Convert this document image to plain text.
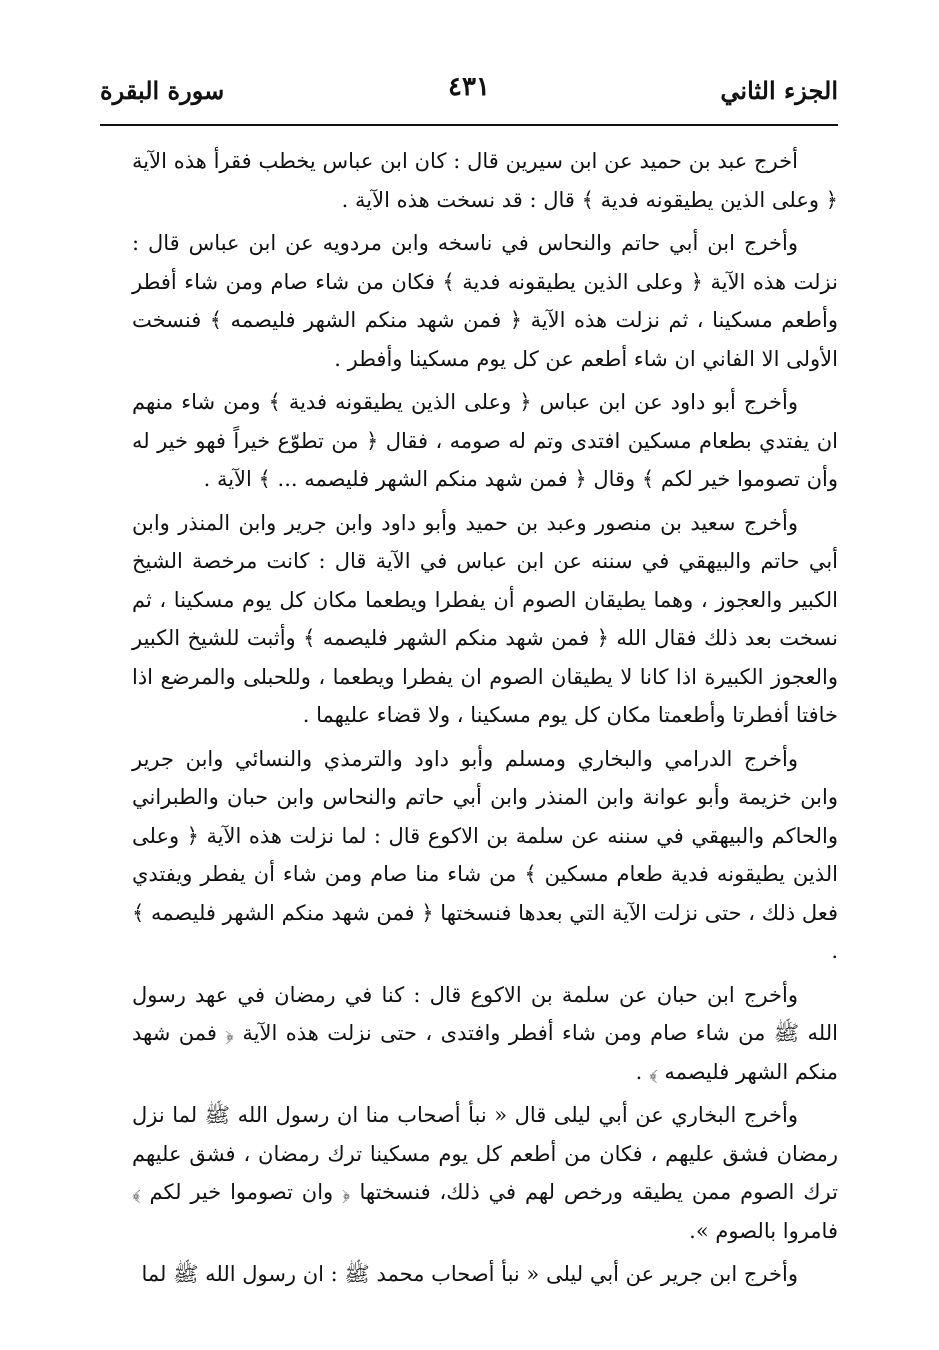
الجزء الثاني
٤٣١
سورة البقرة

أخرج عبد بن حميد عن ابن سيرين قال : كان ابن عباس يخطب فقرأ هذه الآية ﴿ وعلى الذين يطيقونه فدية ﴾ قال : قد نسخت هذه الآية .

وأخرج ابن أبي حاتم والنحاس في ناسخه وابن مردويه عن ابن عباس قال : نزلت هذه الآية ﴿ وعلى الذين يطيقونه فدية ﴾ فكان من شاء صام ومن شاء أفطر وأطعم مسكينا ، ثم نزلت هذه الآية ﴿ فمن شهد منكم الشهر فليصمه ﴾ فنسخت الأولى الا الفاني ان شاء أطعم عن كل يوم مسكينا وأفطر .

وأخرج أبو داود عن ابن عباس ﴿ وعلى الذين يطيقونه فدية ﴾ ومن شاء منهم ان يفتدي بطعام مسكين افتدى وتم له صومه ، فقال ﴿ من تطوّع خيراً فهو خير له وأن تصوموا خير لكم ﴾ وقال ﴿ فمن شهد منكم الشهر فليصمه ... ﴾ الآية .

وأخرج سعيد بن منصور وعبد بن حميد وأبو داود وابن جرير وابن المنذر وابن أبي حاتم والبيهقي في سننه عن ابن عباس في الآية قال : كانت مرخصة الشيخ الكبير والعجوز ، وهما يطيقان الصوم أن يفطرا ويطعما مكان كل يوم مسكينا ، ثم نسخت بعد ذلك فقال الله ﴿ فمن شهد منكم الشهر فليصمه ﴾ وأثبت للشيخ الكبير والعجوز الكبيرة اذا كانا لا يطيقان الصوم ان يفطرا ويطعما ، وللحبلى والمرضع اذا خافتا أفطرتا وأطعمتا مكان كل يوم مسكينا ، ولا قضاء عليهما .

وأخرج الدرامي والبخاري ومسلم وأبو داود والترمذي والنسائي وابن جرير وابن خزيمة وأبو عوانة وابن المنذر وابن أبي حاتم والنحاس وابن حبان والطبراني والحاكم والبيهقي في سننه عن سلمة بن الاكوع قال : لما نزلت هذه الآية ﴿ وعلى الذين يطيقونه فدية طعام مسكين ﴾ من شاء منا صام ومن شاء أن يفطر ويفتدي فعل ذلك ، حتى نزلت الآية التي بعدها فنسختها ﴿ فمن شهد منكم الشهر فليصمه ﴾ .

وأخرج ابن حبان عن سلمة بن الاكوع قال : كنا في رمضان في عهد رسول الله ﷺ من شاء صام ومن شاء أفطر وافتدى ، حتى نزلت هذه الآية ﴿ فمن شهد منكم الشهر فليصمه ﴾ .

وأخرج البخاري عن أبي ليلى قال « نبأ أصحاب منا ان رسول الله ﷺ لما نزل رمضان فشق عليهم ، فكان من أطعم كل يوم مسكينا ترك رمضان ، فشق عليهم ترك الصوم ممن يطيقه ورخص لهم في ذلك، فنسختها ﴿ وان تصوموا خير لكم ﴾ فامروا بالصوم ».

وأخرج ابن جرير عن أبي ليلى « نبأ أصحاب محمد ﷺ : ان رسول الله ﷺ لما
